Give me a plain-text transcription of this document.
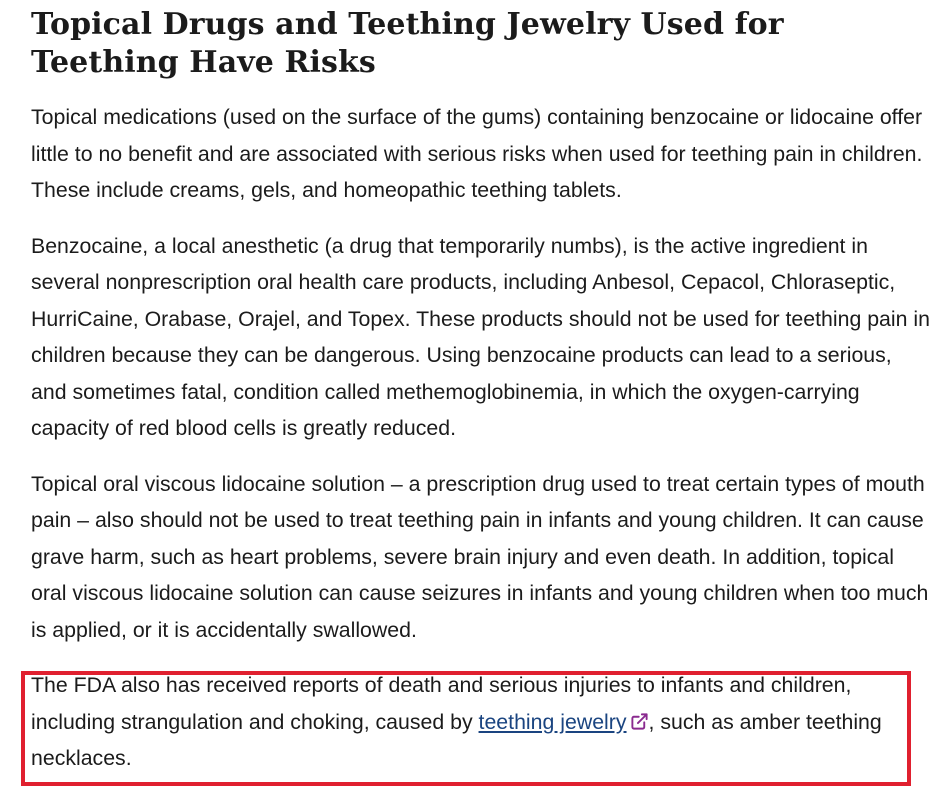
Topical Drugs and Teething Jewelry Used for Teething Have Risks

Topical medications (used on the surface of the gums) containing benzocaine or lidocaine offer little to no benefit and are associated with serious risks when used for teething pain in children. These include creams, gels, and homeopathic teething tablets.

Benzocaine, a local anesthetic (a drug that temporarily numbs), is the active ingredient in several nonprescription oral health care products, including Anbesol, Cepacol, Chloraseptic, HurriCaine, Orabase, Orajel, and Topex. These products should not be used for teething pain in children because they can be dangerous. Using benzocaine products can lead to a serious, and sometimes fatal, condition called methemoglobinemia, in which the oxygen-carrying capacity of red blood cells is greatly reduced.

Topical oral viscous lidocaine solution – a prescription drug used to treat certain types of mouth pain – also should not be used to treat teething pain in infants and young children. It can cause grave harm, such as heart problems, severe brain injury and even death. In addition, topical oral viscous lidocaine solution can cause seizures in infants and young children when too much is applied, or it is accidentally swallowed.

The FDA also has received reports of death and serious injuries to infants and children, including strangulation and choking, caused by teething jewelry , such as amber teething necklaces.
